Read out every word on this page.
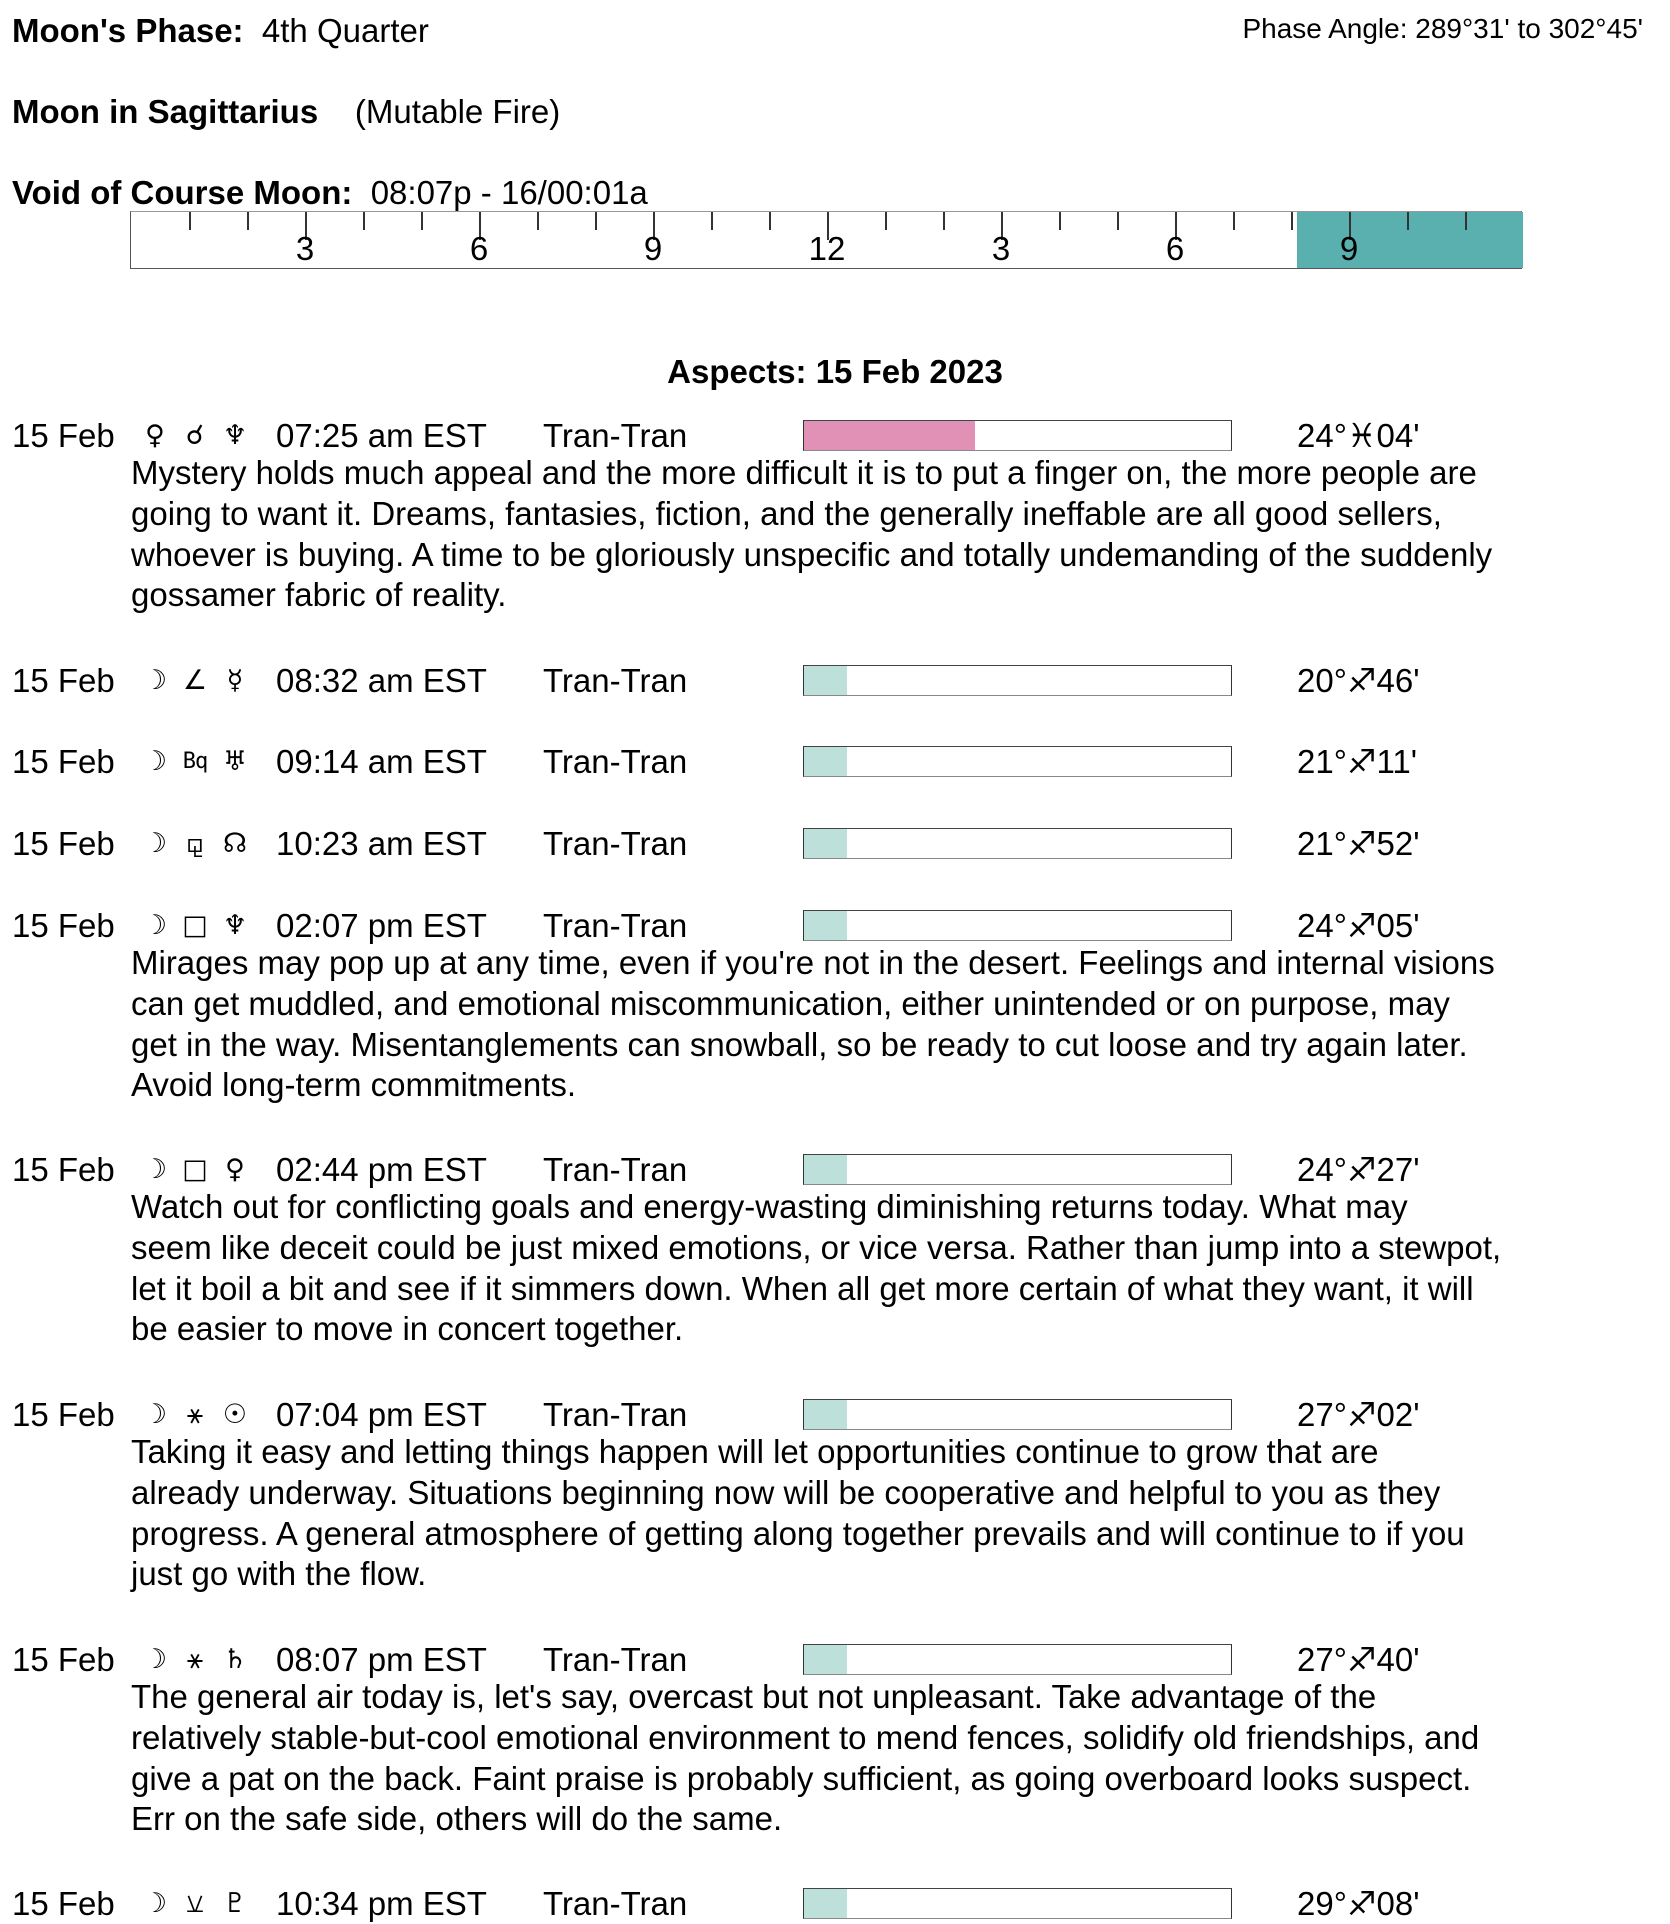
Moon's Phase: 4th Quarter	Phase Angle: 289°31' to 302°45'
Moon in Sagittarius (Mutable Fire)
Void of Course Moon: 08:07p - 16/00:01a
3	6	9	12	3	6	9
Aspects: 15 Feb 2023
15 Feb ♀ ☌ ♆ 07:25 am EST Tran-Tran	24°♓04'
Mystery holds much appeal and the more difficult it is to put a finger on, the more people are
going to want it. Dreams, fantasies, fiction, and the generally ineffable are all good sellers,
whoever is buying. A time to be gloriously unspecific and totally undemanding of the suddenly
gossamer fabric of reality.
15 Feb ☽ ∠ ☿ 08:32 am EST Tran-Tran	20°♐46'
15 Feb ☽ Bq ♅ 09:14 am EST Tran-Tran	21°♐11'
15 Feb ☽ ⚼ ☊ 10:23 am EST Tran-Tran	21°♐52'
15 Feb ☽ □ ♆ 02:07 pm EST Tran-Tran	24°♐05'
Mirages may pop up at any time, even if you're not in the desert. Feelings and internal visions
can get muddled, and emotional miscommunication, either unintended or on purpose, may
get in the way. Misentanglements can snowball, so be ready to cut loose and try again later.
Avoid long-term commitments.
15 Feb ☽ □ ♀ 02:44 pm EST Tran-Tran	24°♐27'
Watch out for conflicting goals and energy-wasting diminishing returns today. What may
seem like deceit could be just mixed emotions, or vice versa. Rather than jump into a stewpot,
let it boil a bit and see if it simmers down. When all get more certain of what they want, it will
be easier to move in concert together.
15 Feb ☽ ⚹ ☉ 07:04 pm EST Tran-Tran	27°♐02'
Taking it easy and letting things happen will let opportunities continue to grow that are
already underway. Situations beginning now will be cooperative and helpful to you as they
progress. A general atmosphere of getting along together prevails and will continue to if you
just go with the flow.
15 Feb ☽ ⚹ ♄ 08:07 pm EST Tran-Tran	27°♐40'
The general air today is, let's say, overcast but not unpleasant. Take advantage of the
relatively stable-but-cool emotional environment to mend fences, solidify old friendships, and
give a pat on the back. Faint praise is probably sufficient, as going overboard looks suspect.
Err on the safe side, others will do the same.
15 Feb ☽ ⚺ ♇ 10:34 pm EST Tran-Tran	29°♐08'
